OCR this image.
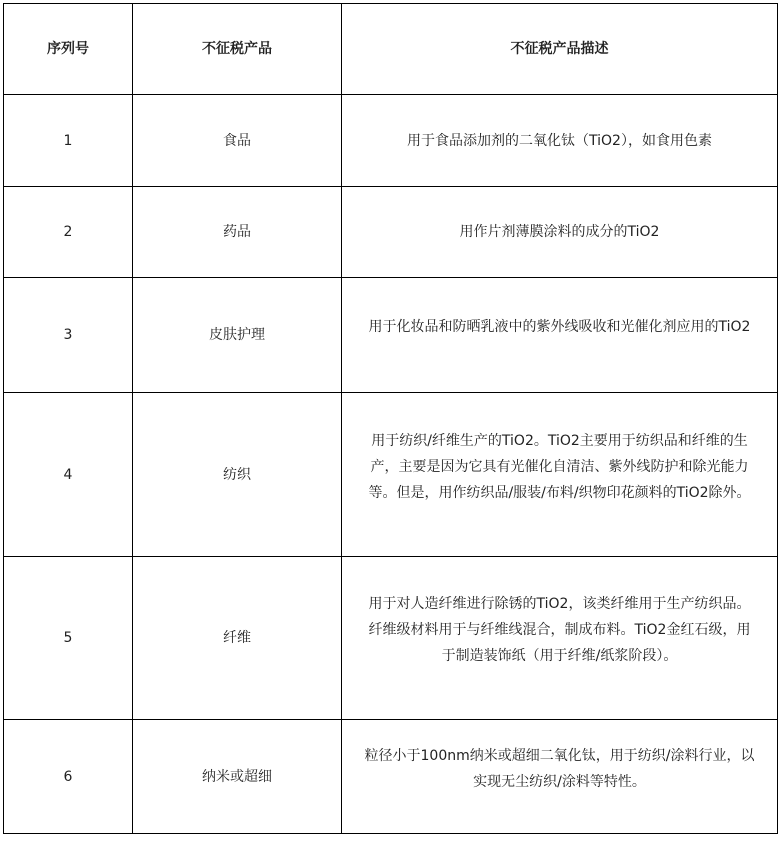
序列号	不征税产品	不征税产品描述
1	食品	用于食品添加剂的二氧化钛（TiO2），如食用色素

2	药品	用作片剂薄膜涂料的成分的TiO2

3	皮肤护理	用于化妆品和防晒乳液中的紫外线吸收和光催化剂应用的TiO2

4	纺织	用于纺织/纤维生产的TiO2。TiO2主要用于纺织品和纤维的生产，主要是因为它具有光催化自清洁、紫外线防护和除光能力等。但是，用作纺织品/服装/布料/织物印花颜料的TiO2除外。

5	纤维	用于对人造纤维进行除锈的TiO2，该类纤维用于生产纺织品。纤维级材料用于与纤维线混合，制成布料。TiO2金红石级，用于制造装饰纸（用于纤维/纸浆阶段）。

6	纳米或超细	粒径小于100nm纳米或超细二氧化钛，用于纺织/涂料行业，以实现无尘纺织/涂料等特性。
